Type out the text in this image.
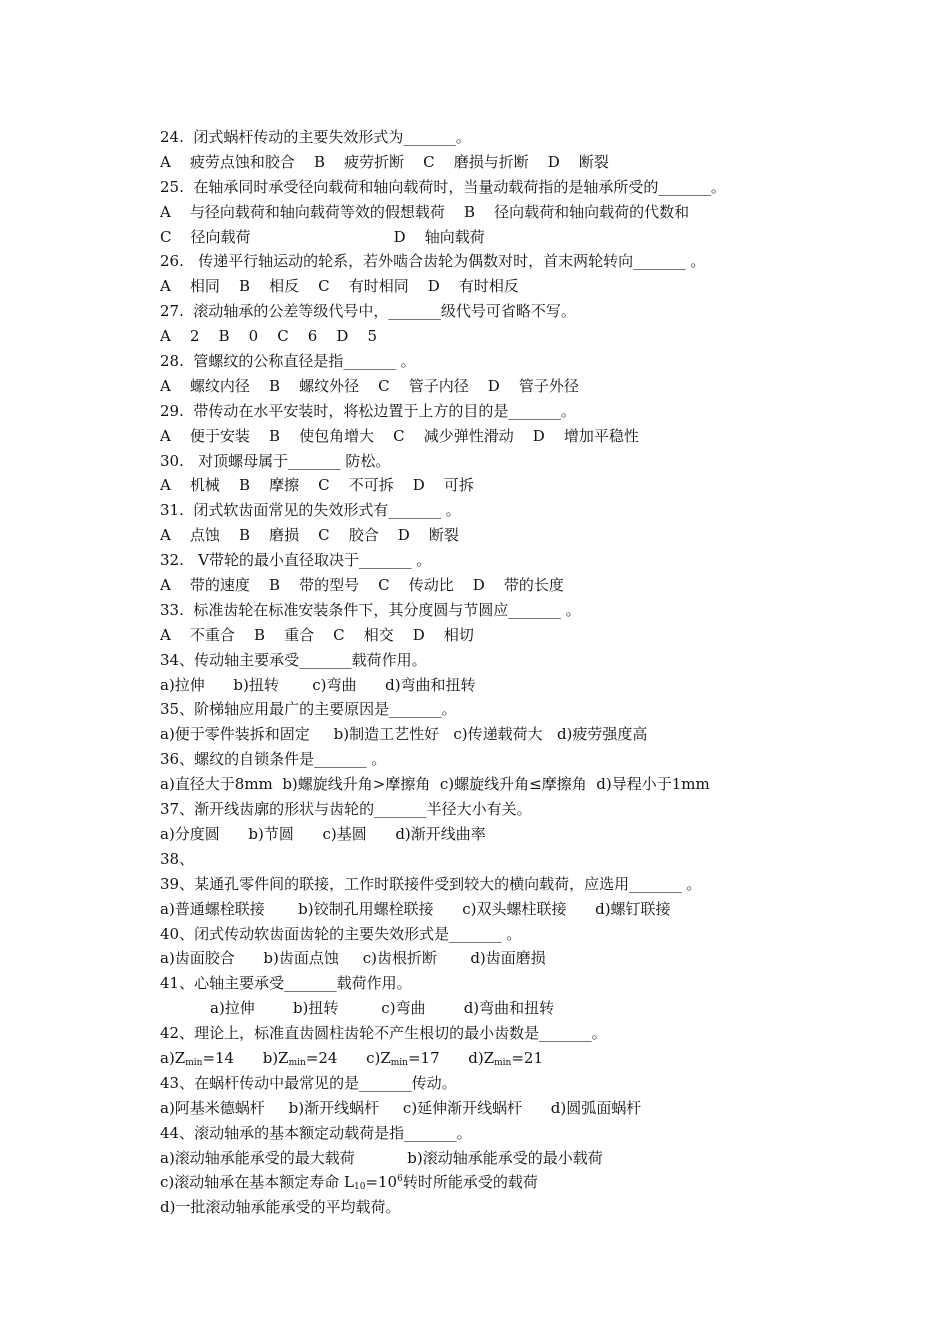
24.  闭式蜗杆传动的主要失效形式为_______。
A    疲劳点蚀和胶合    B    疲劳折断    C    磨损与折断    D    断裂
25.  在轴承同时承受径向载荷和轴向载荷时，当量动载荷指的是轴承所受的_______。
A    与径向载荷和轴向载荷等效的假想载荷    B    径向载荷和轴向载荷的代数和
C    径向载荷                              D    轴向载荷
26.   传递平行轴运动的轮系，若外啮合齿轮为偶数对时，首末两轮转向_______ 。
A    相同    B    相反    C    有时相同    D    有时相反
27.  滚动轴承的公差等级代号中，_______级代号可省略不写。
A    2    B    0    C    6    D    5
28.  管螺纹的公称直径是指_______ 。
A    螺纹内径    B    螺纹外径    C    管子内径    D    管子外径
29.  带传动在水平安装时，将松边置于上方的目的是_______。
A    便于安装    B    使包角增大    C    减少弹性滑动    D    增加平稳性
30.   对顶螺母属于_______ 防松。
A    机械    B    摩擦    C    不可拆    D    可拆
31.  闭式软齿面常见的失效形式有_______ 。
A    点蚀    B    磨损    C    胶合    D    断裂
32.   V带轮的最小直径取决于_______ 。
A    带的速度    B    带的型号    C    传动比    D    带的长度
33.  标准齿轮在标准安装条件下，其分度圆与节圆应_______ 。
A    不重合    B    重合    C    相交    D    相切
34、传动轴主要承受_______载荷作用。
a)拉伸      b)扭转       c)弯曲      d)弯曲和扭转
35、阶梯轴应用最广的主要原因是_______。
a)便于零件装拆和固定     b)制造工艺性好   c)传递载荷大   d)疲劳强度高
36、螺纹的自锁条件是_______ 。
a)直径大于8mm  b)螺旋线升角>摩擦角  c)螺旋线升角≤摩擦角  d)导程小于1mm
37、渐开线齿廓的形状与齿轮的_______半径大小有关。
a)分度圆      b)节圆      c)基圆      d)渐开线曲率
38、
39、某通孔零件间的联接，工作时联接件受到较大的横向载荷，应选用_______ 。
a)普通螺栓联接       b)铰制孔用螺栓联接      c)双头螺柱联接      d)螺钉联接
40、闭式传动软齿面齿轮的主要失效形式是_______ 。
a)齿面胶合      b)齿面点蚀     c)齿根折断       d)齿面磨损
41、心轴主要承受_______载荷作用。
a)拉伸        b)扭转         c)弯曲        d)弯曲和扭转
42、理论上，标准直齿圆柱齿轮不产生根切的最小齿数是_______。
$a)Z_{min}=14$      $b)Z_{min}=24$      $c)Z_{min}=17$      $d)Z_{min}=21$
43、在蜗杆传动中最常见的是_______传动。
a)阿基米德蜗杆     b)渐开线蜗杆     c)延伸渐开线蜗杆      d)圆弧面蜗杆
44、滚动轴承的基本额定动载荷是指_______。
a)滚动轴承能承受的最大载荷           b)滚动轴承能承受的最小载荷
c)滚动轴承在基本额定寿命 $L_{10}=10^6$转时所能承受的载荷
d)一批滚动轴承能承受的平均载荷。
